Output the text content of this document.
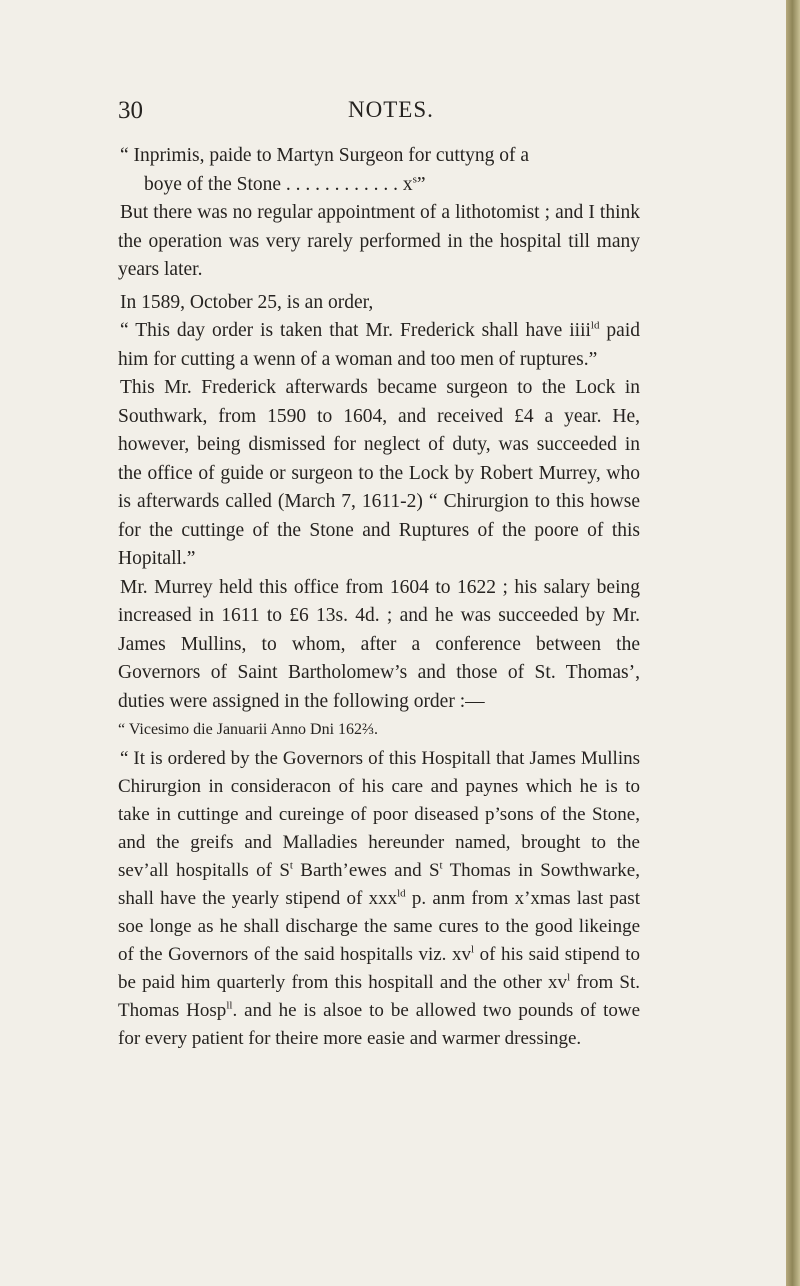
30	NOTES.

“ Inprimis, paide to Martyn Surgeon for cuttyng of a

boye of the Stone . . . . . . . . . . . . $x^s$”

But there was no regular appointment of a lithotomist ; and I think the operation was very rarely performed in the hospital till many years later.

In 1589, October 25, is an order,

“ This day order is taken that Mr. Frederick shall have iiii$^{ld}$ paid him for cutting a wenn of a woman and too men of ruptures.”

This Mr. Frederick afterwards became surgeon to the Lock in Southwark, from 1590 to 1604, and received £4 a year. He, however, being dismissed for neglect of duty, was succeeded in the office of guide or surgeon to the Lock by Robert Murrey, who is afterwards called (March 7, 1611-2) “ Chirurgion to this howse for the cuttinge of the Stone and Ruptures of the poore of this Hopitall.”

Mr. Murrey held this office from 1604 to 1622 ; his salary being increased in 1611 to £6 13s. 4d. ; and he was succeeded by Mr. James Mullins, to whom, after a conference between the Governors of Saint Bartholomew’s and those of St. Thomas’, duties were assigned in the following order :—

“ Vicesimo die Januarii Anno Dni 162⅔.

“ It is ordered by the Governors of this Hospitall that James Mullins Chirurgion in consideracon of his care and paynes which he is to take in cuttinge and cureinge of poor diseased p’sons of the Stone, and the greifs and Malladies hereunder named, brought to the sev’all hospitalls of $S^t$ Barth’ewes and $S^t$ Thomas in Sowthwarke, shall have the yearly stipend of xxx$^{ld}$ p. anm from x’xmas last past soe longe as he shall discharge the same cures to the good likeinge of the Governors of the said hospitalls viz. $xv^l$ of his said stipend to be paid him quarterly from this hospitall and the other $xv^l$ from St. Thomas Hosp$^{ll}$. and he is alsoe to be allowed two pounds of towe for every patient for theire more easie and warmer dressinge.
